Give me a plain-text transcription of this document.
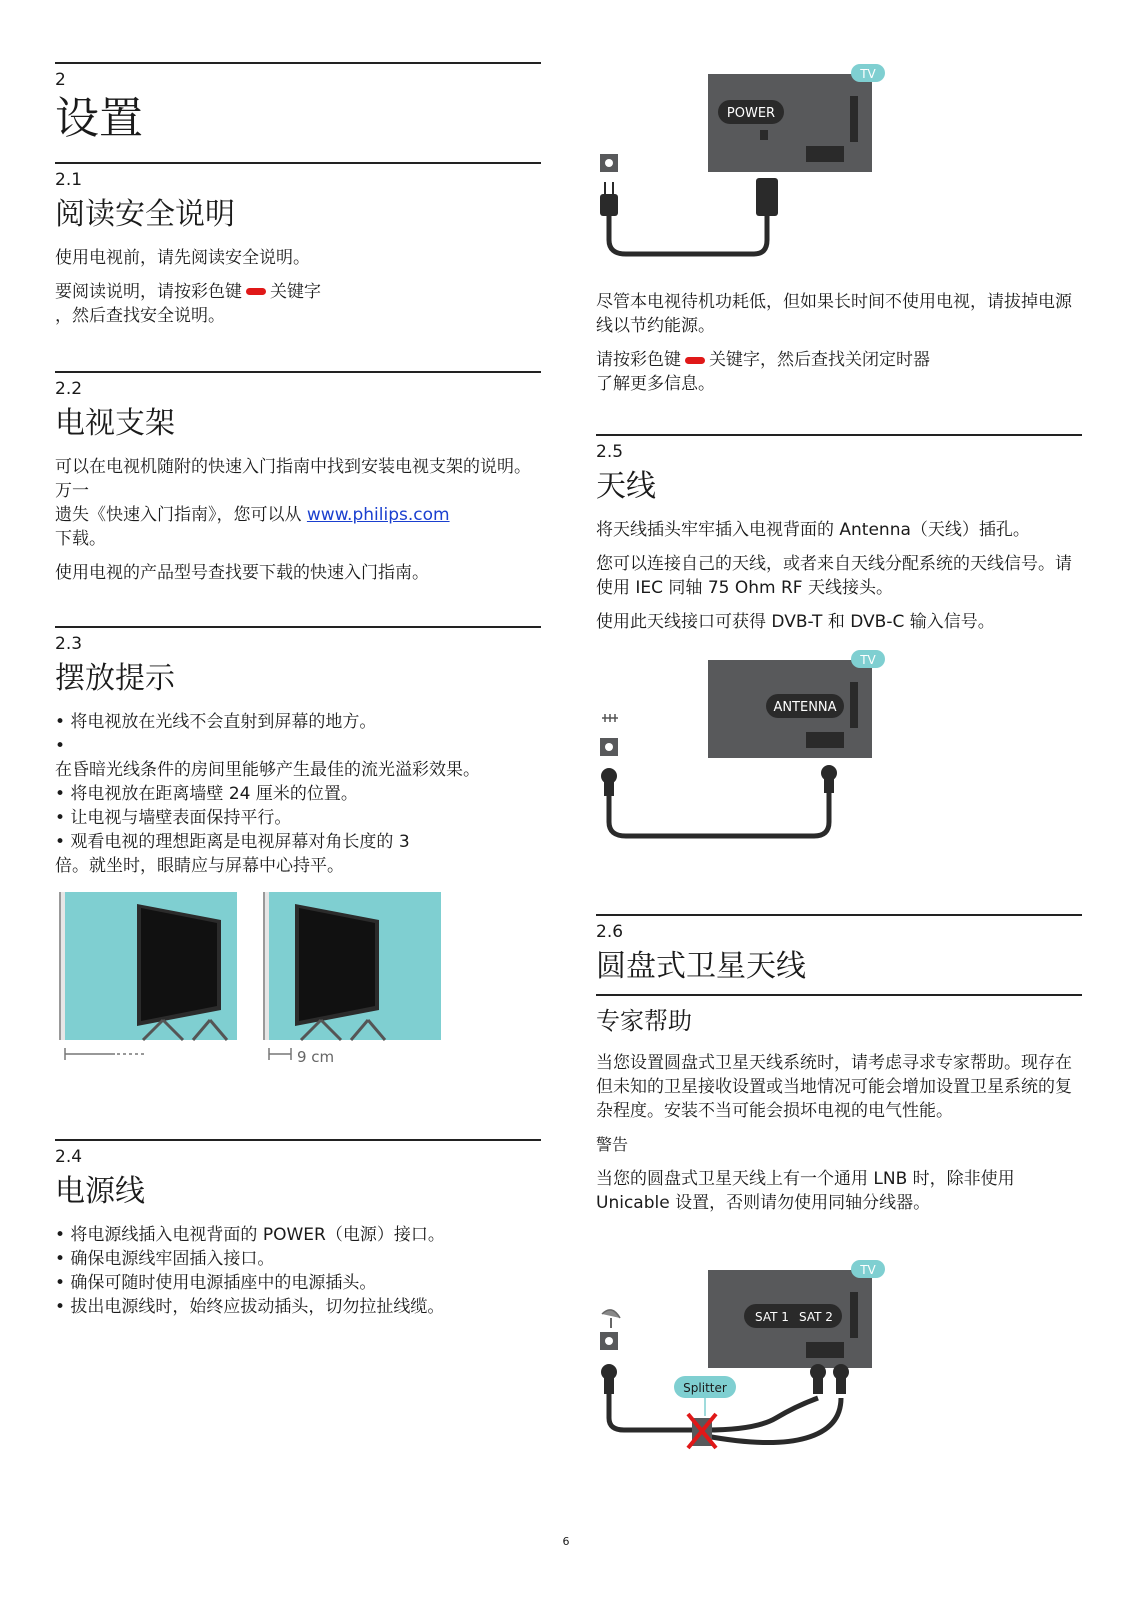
2
设置
2.1
阅读安全说明

使用电视前，请先阅读安全说明。

要阅读说明，请按彩色键 关键字

，然后查找安全说明。

2.2
电视支架

可以在电视机随附的快速入门指南中找到安装电视支架的说明。万一

遗失《快速入门指南》，您可以从 www.philips.com

下载。

使用电视的产品型号查找要下载的快速入门指南。

2.3
摆放提示
• 将电视放在光线不会直射到屏幕的地方。
•
在昏暗光线条件的房间里能够产生最佳的流光溢彩效果。
• 将电视放在距离墙壁 24 厘米的位置。
• 让电视与墙壁表面保持平行。
• 观看电视的理想距离是电视屏幕对角长度的 3
倍。就坐时，眼睛应与屏幕中心持平。
9 cm
2.4
电源线
• 将电源线插入电视背面的 POWER（电源）接口。
• 确保电源线牢固插入接口。
• 确保可随时使用电源插座中的电源插头。
• 拔出电源线时，始终应拔动插头，切勿拉扯线缆。
TV
POWER

尽管本电视待机功耗低，但如果长时间不使用电视，请拔掉电源线以节约能源。

请按彩色键 关键字，然后查找关闭定时器

了解更多信息。

2.5
天线

将天线插头牢牢插入电视背面的 Antenna（天线）插孔。

您可以连接自己的天线，或者来自天线分配系统的天线信号。请使用 IEC 同轴 75 Ohm RF 天线接头。

使用此天线接口可获得 DVB-T 和 DVB-C 输入信号。

TV
ANTENNA
2.6
圆盘式卫星天线
专家帮助

当您设置圆盘式卫星天线系统时，请考虑寻求专家帮助。现存在但未知的卫星接收设置或当地情况可能会增加设置卫星系统的复杂程度。安装不当可能会损坏电视的电气性能。

警告

当您的圆盘式卫星天线上有一个通用 LNB 时，除非使用 Unicable 设置，否则请勿使用同轴分线器。

TV
SAT 1 SAT 2
Splitter
6
